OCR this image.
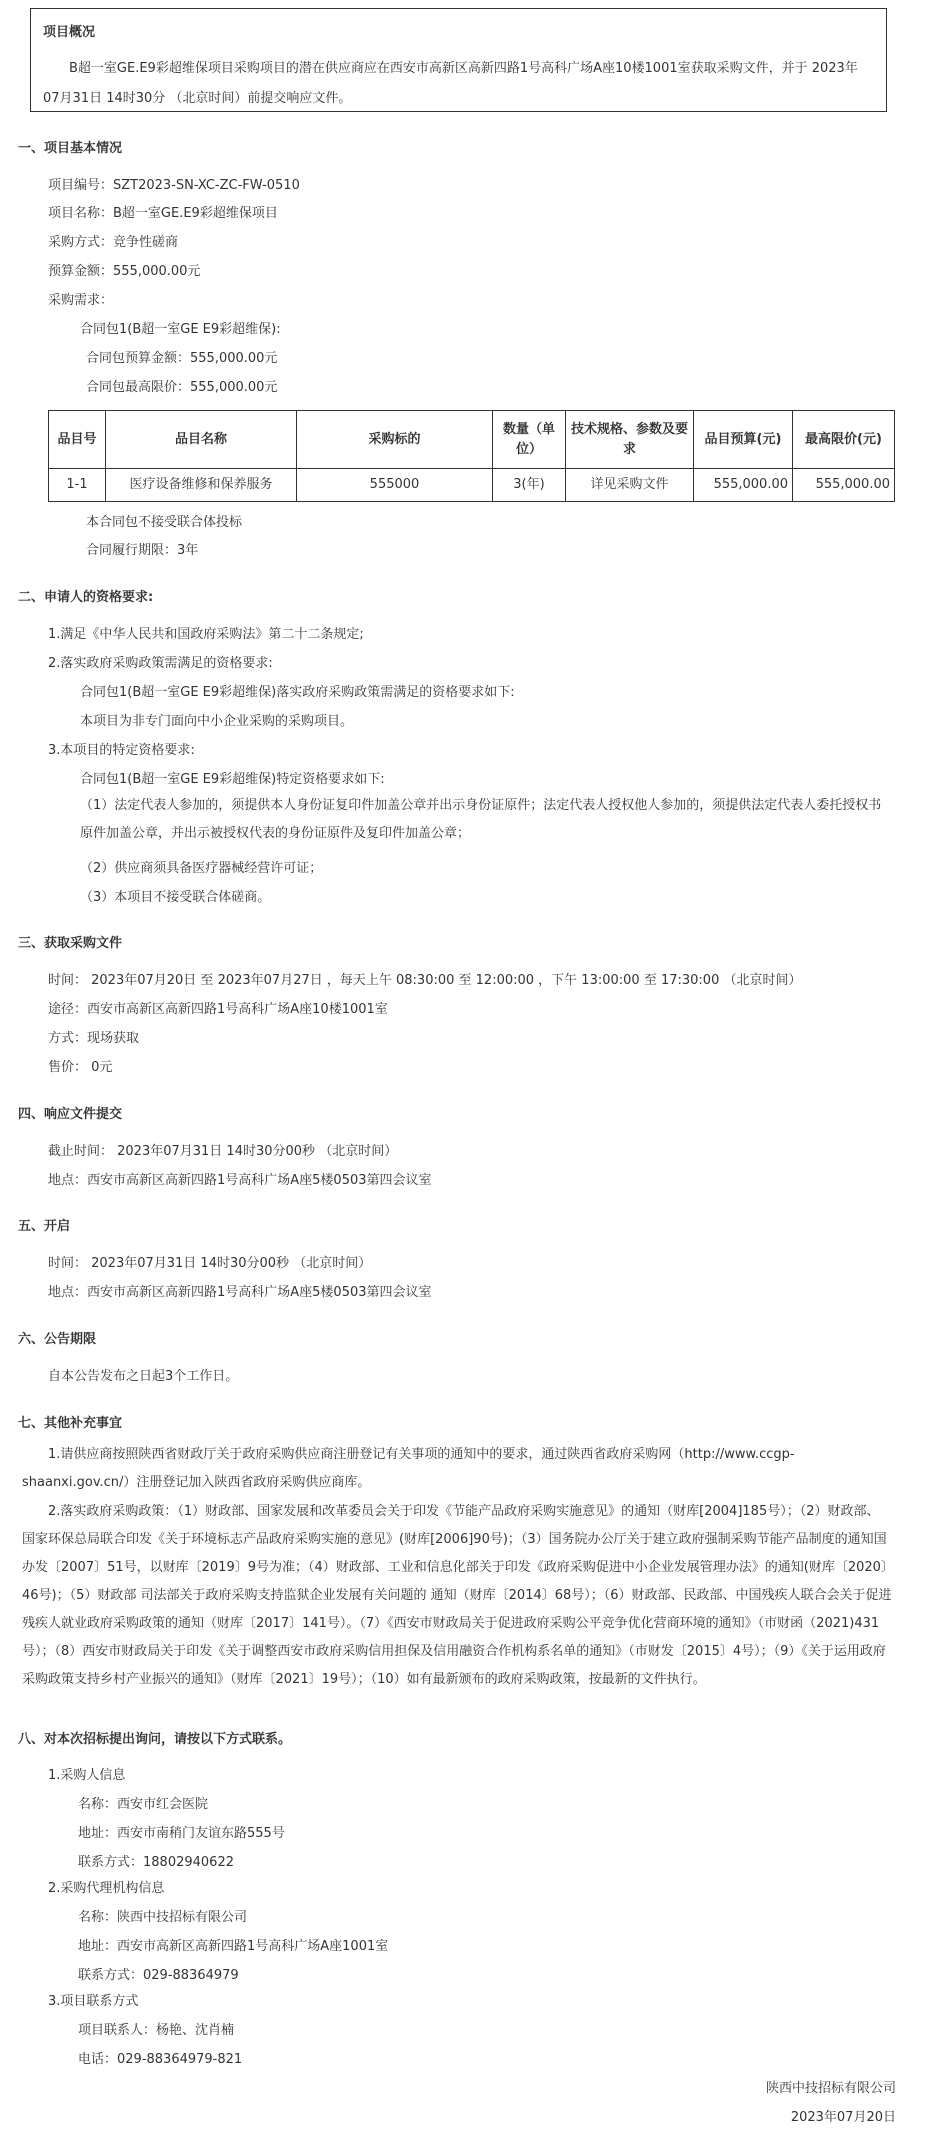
项目概况
B超一室GE.E9彩超维保项目采购项目的潜在供应商应在西安市高新区高新四路1号高科广场A座10楼1001室获取采购文件，并于 2023年07月31日 14时30分 （北京时间）前提交响应文件。
一、项目基本情况
项目编号：SZT2023-SN-XC-ZC-FW-0510
项目名称：B超一室GE.E9彩超维保项目
采购方式：竞争性磋商
预算金额：555,000.00元
采购需求：
合同包1(B超一室GE E9彩超维保):
合同包预算金额：555,000.00元
合同包最高限价：555,000.00元
品目号	品目名称	采购标的	数量（单位）	技术规格、参数及要求	品目预算(元)	最高限价(元)
1-1	医疗设备维修和保养服务	555000	3(年)	详见采购文件	555,000.00	555,000.00
本合同包不接受联合体投标
合同履行期限：3年
二、申请人的资格要求:
1.满足《中华人民共和国政府采购法》第二十二条规定;
2.落实政府采购政策需满足的资格要求:
合同包1(B超一室GE E9彩超维保)落实政府采购政策需满足的资格要求如下:
本项目为非专门面向中小企业采购的采购项目。
3.本项目的特定资格要求:
合同包1(B超一室GE E9彩超维保)特定资格要求如下:
（1）法定代表人参加的，须提供本人身份证复印件加盖公章并出示身份证原件；法定代表人授权他人参加的，须提供法定代表人委托授权书原件加盖公章，并出示被授权代表的身份证原件及复印件加盖公章；
（2）供应商须具备医疗器械经营许可证；
（3）本项目不接受联合体磋商。
三、获取采购文件
时间： 2023年07月20日 至 2023年07月27日 ，每天上午 08:30:00 至 12:00:00 ，下午 13:00:00 至 17:30:00 （北京时间）
途径：西安市高新区高新四路1号高科广场A座10楼1001室
方式：现场获取
售价： 0元
四、响应文件提交
截止时间： 2023年07月31日 14时30分00秒 （北京时间）
地点：西安市高新区高新四路1号高科广场A座5楼0503第四会议室
五、开启
时间： 2023年07月31日 14时30分00秒 （北京时间）
地点：西安市高新区高新四路1号高科广场A座5楼0503第四会议室
六、公告期限
自本公告发布之日起3个工作日。
七、其他补充事宜
1.请供应商按照陕西省财政厅关于政府采购供应商注册登记有关事项的通知中的要求，通过陕西省政府采购网（http://www.ccgp-shaanxi.gov.cn/）注册登记加入陕西省政府采购供应商库。
2.落实政府采购政策：（1）财政部、国家发展和改革委员会关于印发《节能产品政府采购实施意见》的通知（财库[2004]185号）；（2）财政部、国家环保总局联合印发《关于环境标志产品政府采购实施的意见》(财库[2006]90号)；（3）国务院办公厅关于建立政府强制采购节能产品制度的通知国办发〔2007〕51号，以财库〔2019〕9号为准；（4）财政部、工业和信息化部关于印发《政府采购促进中小企业发展管理办法》的通知(财库〔2020〕46号)；（5）财政部 司法部关于政府采购支持监狱企业发展有关问题的 通知（财库〔2014〕68号）；（6）财政部、民政部、中国残疾人联合会关于促进残疾人就业政府采购政策的通知（财库〔2017〕141号）。（7）《西安市财政局关于促进政府采购公平竞争优化营商环境的通知》（市财函（2021)431号）；（8）西安市财政局关于印发《关于调整西安市政府采购信用担保及信用融资合作机构系名单的通知》（市财发〔2015〕4号）；（9）《关于运用政府采购政策支持乡村产业振兴的通知》（财库〔2021〕19号）；（10）如有最新颁布的政府采购政策，按最新的文件执行。
八、对本次招标提出询问，请按以下方式联系。
1.采购人信息
名称：西安市红会医院
地址：西安市南稍门友谊东路555号
联系方式：18802940622
2.采购代理机构信息
名称：陕西中技招标有限公司
地址：西安市高新区高新四路1号高科广场A座1001室
联系方式：029-88364979
3.项目联系方式
项目联系人：杨艳、沈肖楠
电话：029-88364979-821
陕西中技招标有限公司
2023年07月20日
